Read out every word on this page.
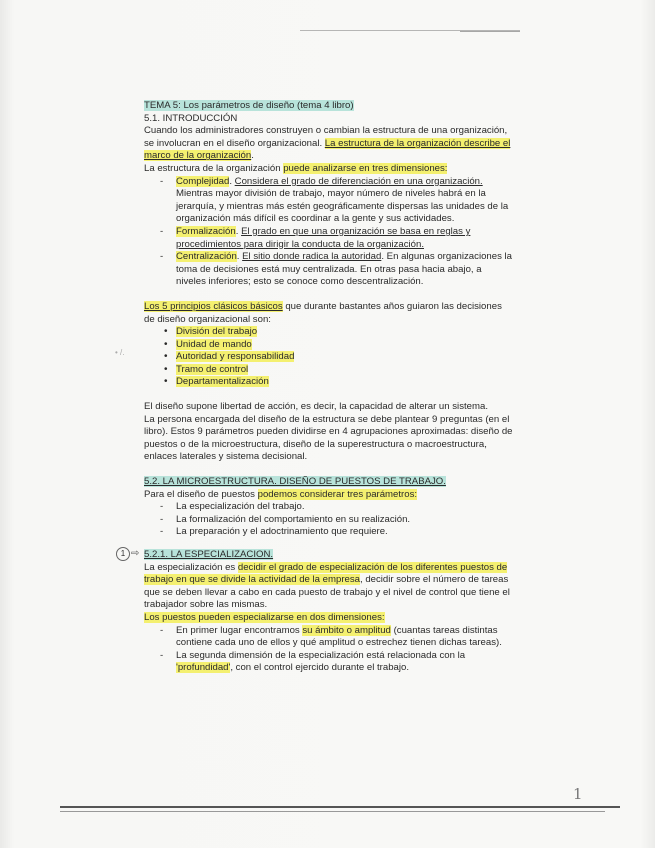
• /.

TEMA 5: Los parámetros de diseño (tema 4 libro)

5.1. INTRODUCCIÓN

Cuando los administradores construyen o cambian la estructura de una organización, se involucran en el diseño organizacional. La estructura de la organización describe el marco de la organización.

La estructura de la organización puede analizarse en tres dimensiones:

- Complejidad. Considera el grado de diferenciación en una organización. Mientras mayor división de trabajo, mayor número de niveles habrá en la jerarquía, y mientras más estén geográficamente dispersas las unidades de la organización más difícil es coordinar a la gente y sus actividades.
- Formalización. El grado en que una organización se basa en reglas y procedimientos para dirigir la conducta de la organización.
- Centralización. El sitio donde radica la autoridad. En algunas organizaciones la toma de decisiones está muy centralizada. En otras pasa hacia abajo, a niveles inferiores; esto se conoce como descentralización.

Los 5 principios clásicos básicos que durante bastantes años guiaron las decisiones de diseño organizacional son:

• División del trabajo
• Unidad de mando
• Autoridad y responsabilidad
• Tramo de control
• Departamentalización

El diseño supone libertad de acción, es decir, la capacidad de alterar un sistema.

La persona encargada del diseño de la estructura se debe plantear 9 preguntas (en el libro). Estos 9 parámetros pueden dividirse en 4 agrupaciones aproximadas: diseño de puestos o de la microestructura, diseño de la superestructura o macroestructura, enlaces laterales y sistema decisional.

5.2. LA MICROESTRUCTURA. DISEÑO DE PUESTOS DE TRABAJO.

Para el diseño de puestos podemos considerar tres parámetros:

- La especialización del trabajo.
- La formalización del comportamiento en su realización.
- La preparación y el adoctrinamiento que requiere.

1 ⇨ 5.2.1. LA ESPECIALIZACION.

La especialización es decidir el grado de especialización de los diferentes puestos de trabajo en que se divide la actividad de la empresa, decidir sobre el número de tareas que se deben llevar a cabo en cada puesto de trabajo y el nivel de control que tiene el trabajador sobre las mismas.

Los puestos pueden especializarse en dos dimensiones:

- En primer lugar encontramos su ámbito o amplitud (cuantas tareas distintas contiene cada uno de ellos y qué amplitud o estrechez tienen dichas tareas).
- La segunda dimensión de la especialización está relacionada con la 'profundidad', con el control ejercido durante el trabajo.
1
